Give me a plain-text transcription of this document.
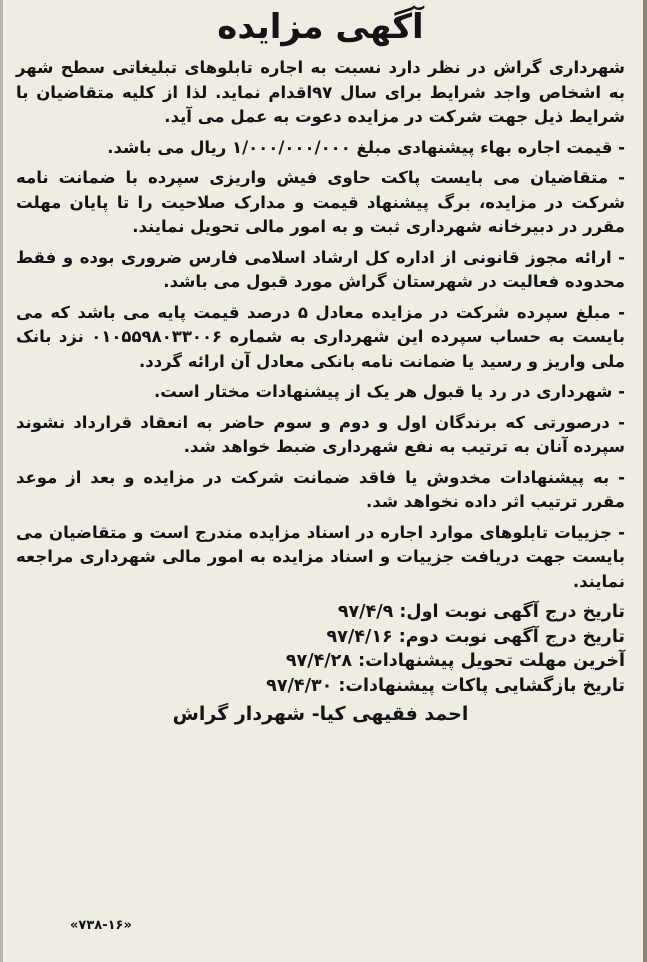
آگهی مزایده

شهرداری گراش در نظر دارد نسبت به اجاره تابلوهای تبلیغاتی سطح شهر به اشخاص واجد شرایط برای سال ۹۷اقدام نماید. لذا از کلیه متقاضیان با شرایط ذیل جهت شرکت در مزایده دعوت به عمل می آید.

- قیمت اجاره بهاء پیشنهادی مبلغ ۱/۰۰۰/۰۰۰/۰۰۰ ریال می باشد.

- متقاضیان می بایست پاکت حاوی فیش واریزی سپرده با ضمانت نامه شرکت در مزایده، برگ پیشنهاد قیمت و مدارک صلاحیت را تا پایان مهلت مقرر در دبیرخانه شهرداری ثبت و به امور مالی تحویل نمایند.

- ارائه مجوز قانونی از اداره کل ارشاد اسلامی فارس ضروری بوده و فقط محدوده فعالیت در شهرستان گراش مورد قبول می باشد.

- مبلغ سپرده شرکت در مزایده معادل ۵ درصد قیمت پایه می باشد که می بایست به حساب سپرده این شهرداری به شماره ۰۱۰۵۵۹۸۰۳۳۰۰۶ نزد بانک ملی واریز و رسید یا ضمانت نامه بانکی معادل آن ارائه گردد.

- شهرداری در رد یا قبول هر یک از پیشنهادات مختار است.

- درصورتی که برندگان اول و دوم و سوم حاضر به انعقاد قرارداد نشوند سپرده آنان به ترتیب به نفع شهرداری ضبط خواهد شد.

- به پیشنهادات مخدوش یا فاقد ضمانت شرکت در مزایده و بعد از موعد مقرر ترتیب اثر داده نخواهد شد.

- جزییات تابلوهای موارد اجاره در اسناد مزایده مندرج است و متقاضیان می بایست جهت دریافت جزییات و اسناد مزایده به امور مالی شهرداری مراجعه نمایند.

تاریخ درج آگهی نوبت اول: ۹۷/۴/۹

تاریخ درج آگهی نوبت دوم: ۹۷/۴/۱۶

آخرین مهلت تحویل پیشنهادات: ۹۷/۴/۲۸

تاریخ بازگشایی پاکات پیشنهادات: ۹۷/۴/۳۰

احمد فقیهی کیا- شهردار گراش
«۷۳۸-۱۶»
